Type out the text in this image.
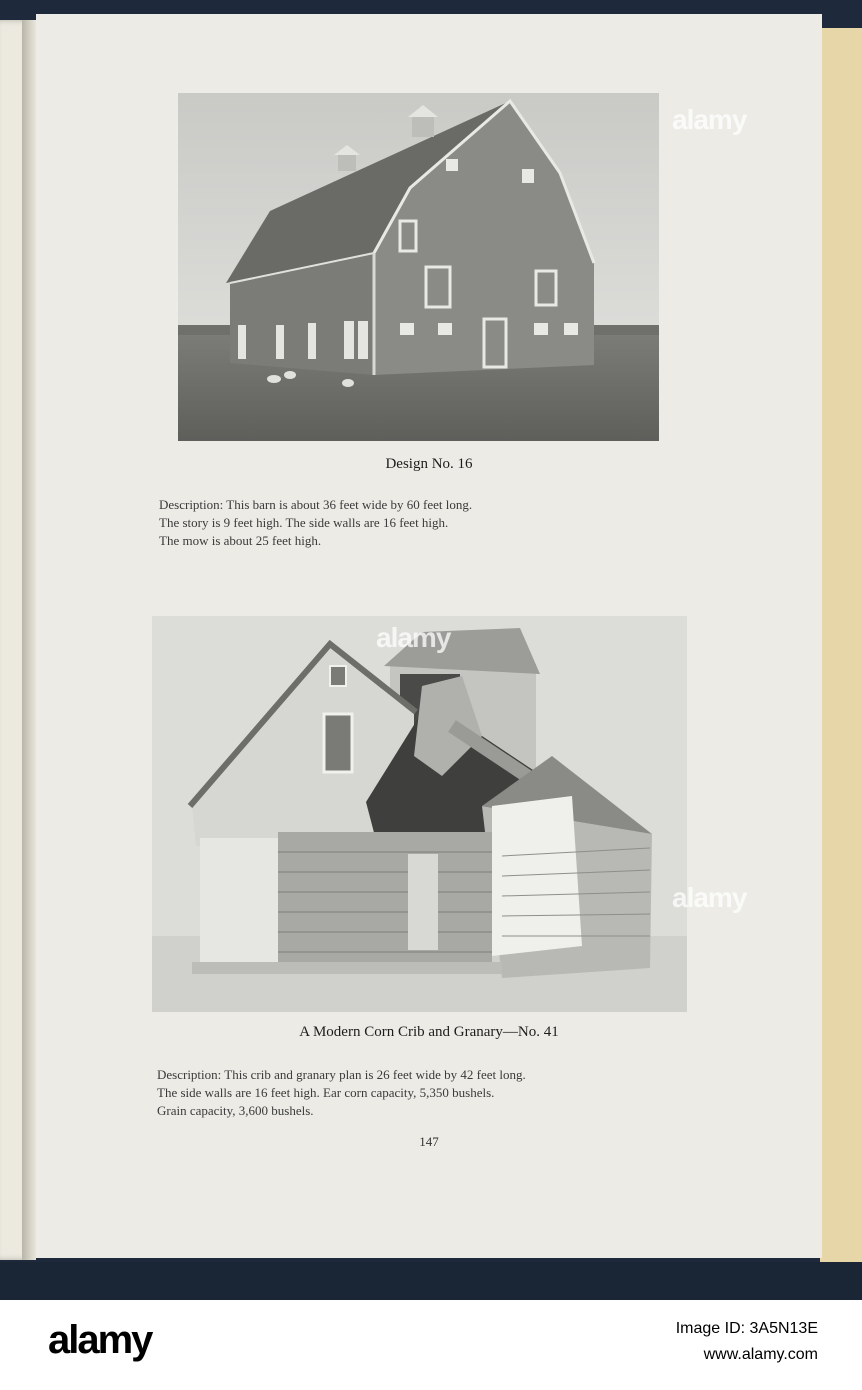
Design No. 16
Description: This barn is about 36 feet wide by 60 feet long.
The story is 9 feet high. The side walls are 16 feet high.
The mow is about 25 feet high.
A Modern Corn Crib and Granary—No. 41
Description: This crib and granary plan is 26 feet wide by 42 feet long.
The side walls are 16 feet high. Ear corn capacity, 5,350 bushels.
Grain capacity, 3,600 bushels.
147
alamy
alamy
alamy
alamy	Image ID: 3A5N13E
www.alamy.com
